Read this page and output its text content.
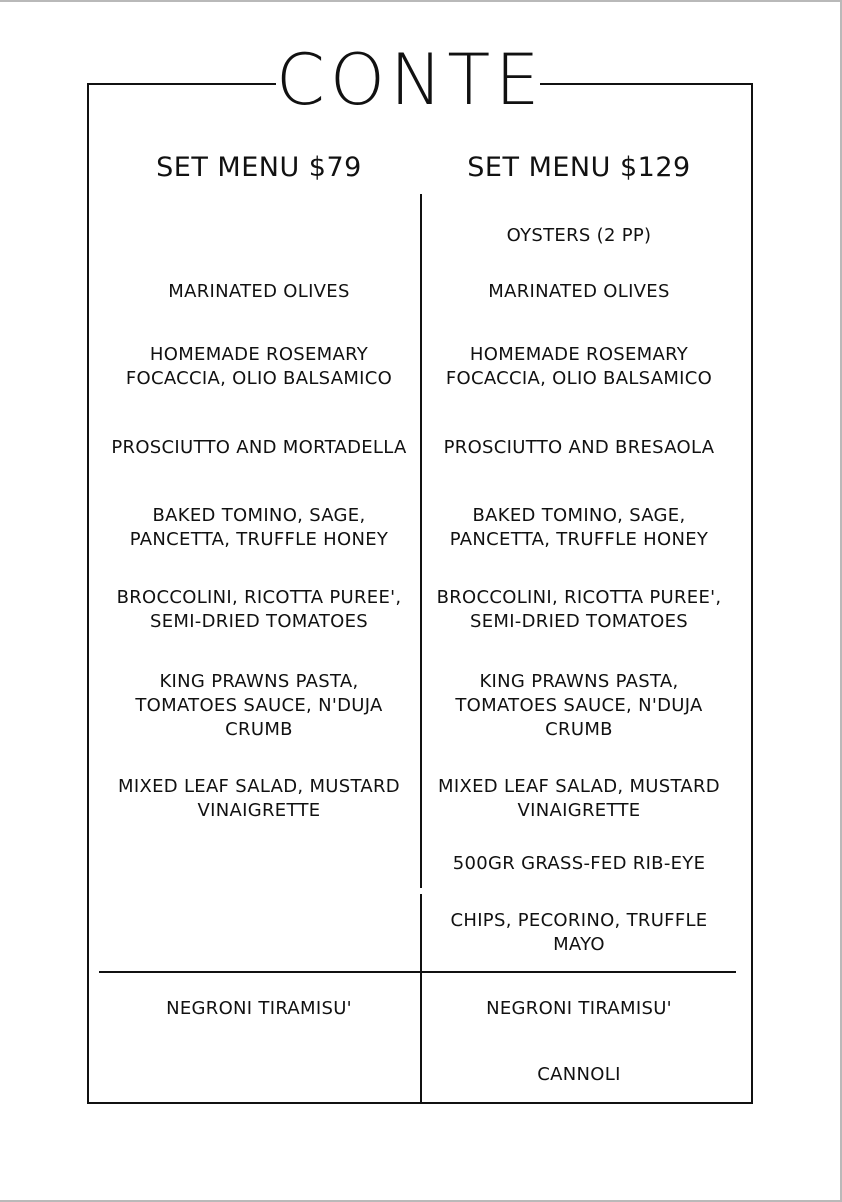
CONTE
SET MENU $79	SET MENU $129
MARINATED OLIVES
HOMEMADE ROSEMARY
FOCACCIA, OLIO BALSAMICO
PROSCIUTTO AND MORTADELLA
BAKED TOMINO, SAGE,
PANCETTA, TRUFFLE HONEY
BROCCOLINI, RICOTTA PUREE',
SEMI-DRIED TOMATOES
KING PRAWNS PASTA,
TOMATOES SAUCE, N'DUJA
CRUMB
MIXED LEAF SALAD, MUSTARD
VINAIGRETTE
NEGRONI TIRAMISU'
OYSTERS (2 PP)
MARINATED OLIVES
HOMEMADE ROSEMARY
FOCACCIA, OLIO BALSAMICO
PROSCIUTTO AND BRESAOLA
BAKED TOMINO, SAGE,
PANCETTA, TRUFFLE HONEY
BROCCOLINI, RICOTTA PUREE',
SEMI-DRIED TOMATOES
KING PRAWNS PASTA,
TOMATOES SAUCE, N'DUJA
CRUMB
MIXED LEAF SALAD, MUSTARD
VINAIGRETTE
500GR GRASS-FED RIB-EYE
CHIPS, PECORINO, TRUFFLE
MAYO
NEGRONI TIRAMISU'
CANNOLI
